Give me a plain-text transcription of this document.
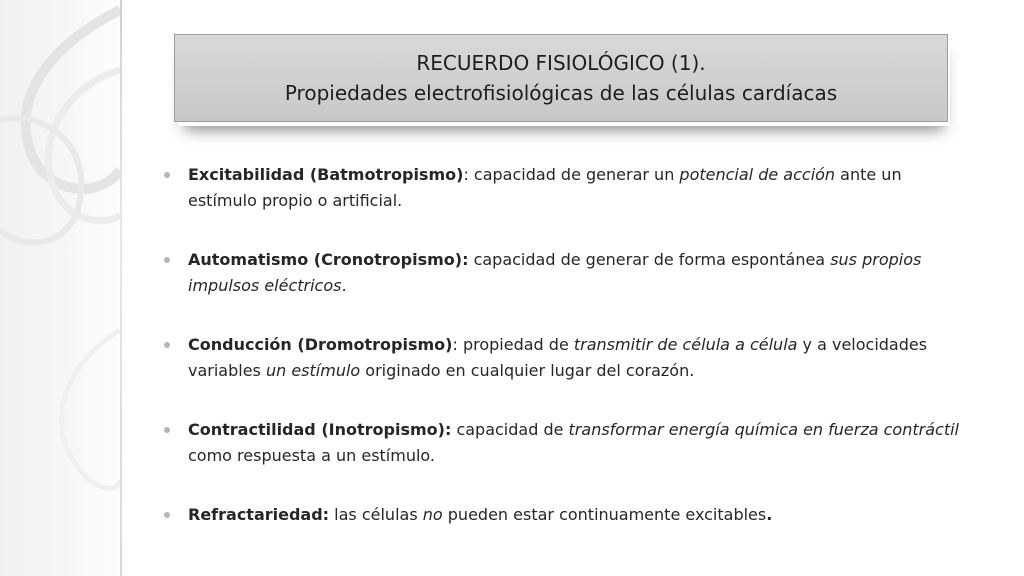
RECUERDO FISIOLÓGICO (1).
Propiedades electrofisiológicas de las células cardíacas
Excitabilidad (Batmotropismo): capacidad de generar un potencial de acción ante un estímulo propio o artificial.
Automatismo (Cronotropismo): capacidad de generar de forma espontánea sus propios impulsos eléctricos.
Conducción (Dromotropismo): propiedad de transmitir de célula a célula y a velocidades variables un estímulo originado en cualquier lugar del corazón.
Contractilidad (Inotropismo): capacidad de transformar energía química en fuerza contráctil como respuesta a un estímulo.
Refractariedad: las células no pueden estar continuamente excitables.
